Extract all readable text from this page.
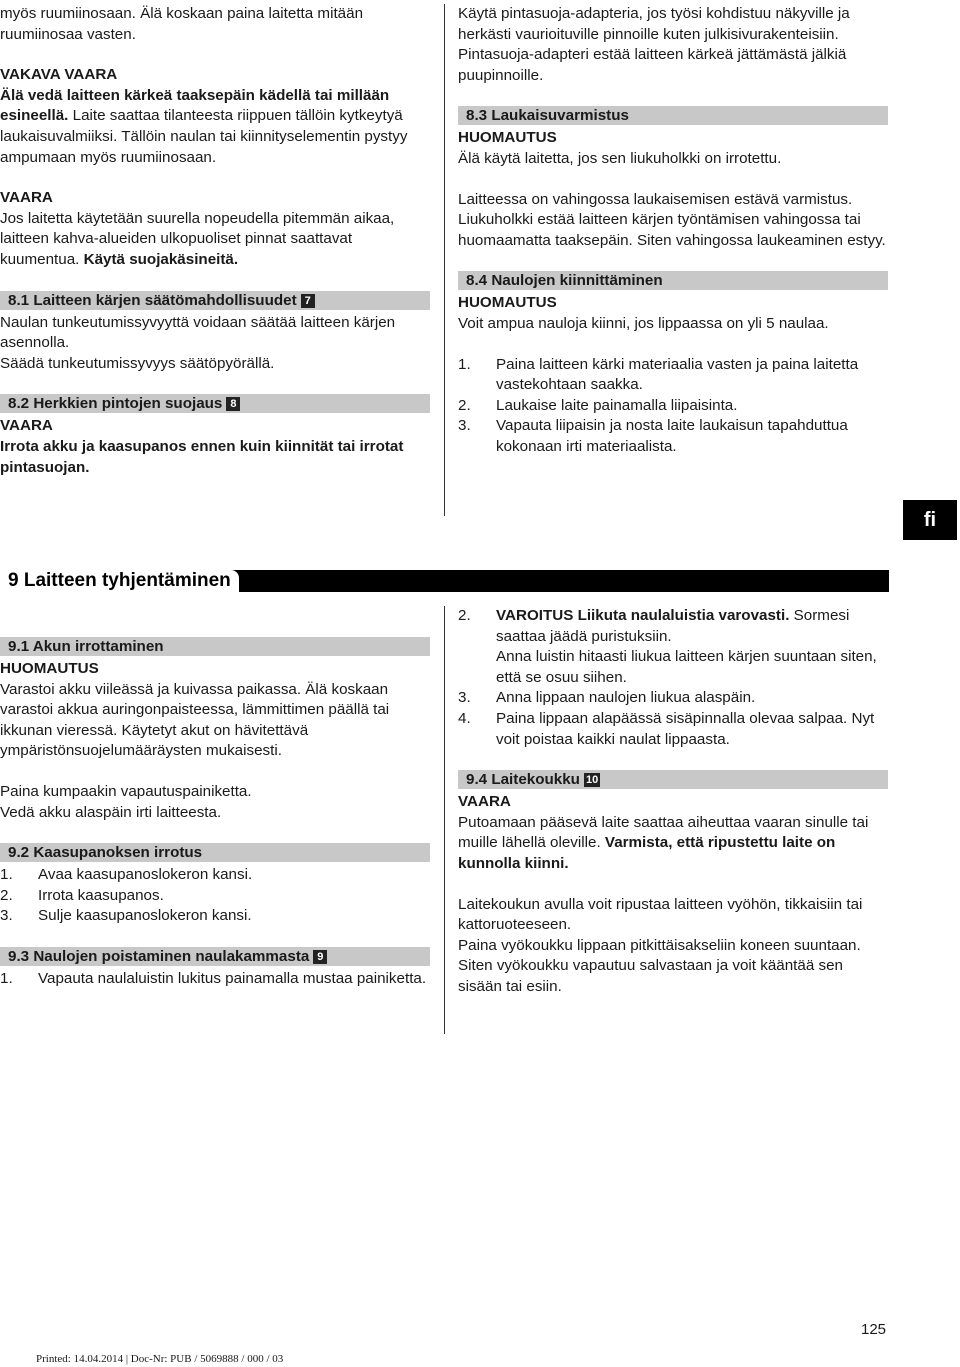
myös ruumiinosaan. Älä koskaan paina laitetta mitään ruumiinosaa vasten.

VAKAVA VAARA

Älä vedä laitteen kärkeä taaksepäin kädellä tai millään esineellä. Laite saattaa tilanteesta riippuen tällöin kytkeytyä laukaisuvalmiiksi. Tällöin naulan tai kiinnityselementin pystyy ampumaan myös ruumiinosaan.

VAARA

Jos laitetta käytetään suurella nopeudella pitemmän aikaa, laitteen kahva-alueiden ulkopuoliset pinnat saattavat kuumentua. Käytä suojakäsineitä.

8.1 Laitteen kärjen säätömahdollisuudet 7

Naulan tunkeutumissyvyyttä voidaan säätää laitteen kärjen asennolla.

Säädä tunkeutumissyvyys säätöpyörällä.

8.2 Herkkien pintojen suojaus 8

VAARA

Irrota akku ja kaasupanos ennen kuin kiinnität tai irrotat pintasuojan.

Käytä pintasuoja-adapteria, jos työsi kohdistuu näkyville ja herkästi vaurioituville pinnoille kuten julkisivurakenteisiin.

Pintasuoja-adapteri estää laitteen kärkeä jättämästä jälkiä puupinnoille.

8.3 Laukaisuvarmistus

HUOMAUTUS

Älä käytä laitetta, jos sen liukuholkki on irrotettu.

Laitteessa on vahingossa laukaisemisen estävä varmistus. Liukuholkki estää laitteen kärjen työntämisen vahingossa tai huomaamatta taaksepäin. Siten vahingossa laukeaminen estyy.

8.4 Naulojen kiinnittäminen

HUOMAUTUS

Voit ampua nauloja kiinni, jos lippaassa on yli 5 naulaa.

1.	Paina laitteen kärki materiaalia vasten ja paina laitetta vastekohtaan saakka.
2.	Laukaise laite painamalla liipaisinta.
3.	Vapauta liipaisin ja nosta laite laukaisun tapahduttua kokonaan irti materiaalista.
fi
9 Laitteen tyhjentäminen
9.1 Akun irrottaminen

HUOMAUTUS

Varastoi akku viileässä ja kuivassa paikassa. Älä koskaan varastoi akkua auringonpaisteessa, lämmittimen päällä tai ikkunan vieressä. Käytetyt akut on hävitettävä ympäristönsuojelumääräysten mukaisesti.

Paina kumpaakin vapautuspainiketta.

Vedä akku alaspäin irti laitteesta.

9.2 Kaasupanoksen irrotus
1.	Avaa kaasupanoslokeron kansi.
2.	Irrota kaasupanos.
3.	Sulje kaasupanoslokeron kansi.
9.3 Naulojen poistaminen naulakammasta 9
1.	Vapauta naulaluistin lukitus painamalla mustaa painiketta.
2.	VAROITUS Liikuta naulaluistia varovasti. Sormesi saattaa jäädä puristuksiin.
Anna luistin hitaasti liukua laitteen kärjen suuntaan siten, että se osuu siihen.
3.	Anna lippaan naulojen liukua alaspäin.
4.	Paina lippaan alapäässä sisäpinnalla olevaa salpaa. Nyt voit poistaa kaikki naulat lippaasta.
9.4 Laitekoukku 10

VAARA

Putoamaan pääsevä laite saattaa aiheuttaa vaaran sinulle tai muille lähellä oleville. Varmista, että ripustettu laite on kunnolla kiinni.

Laitekoukun avulla voit ripustaa laitteen vyöhön, tikkaisiin tai kattoruoteeseen.

Paina vyökoukku lippaan pitkittäisakseliin koneen suuntaan.

Siten vyökoukku vapautuu salvastaan ja voit kääntää sen sisään tai esiin.

125
Printed: 14.04.2014 | Doc-Nr: PUB / 5069888 / 000 / 03
